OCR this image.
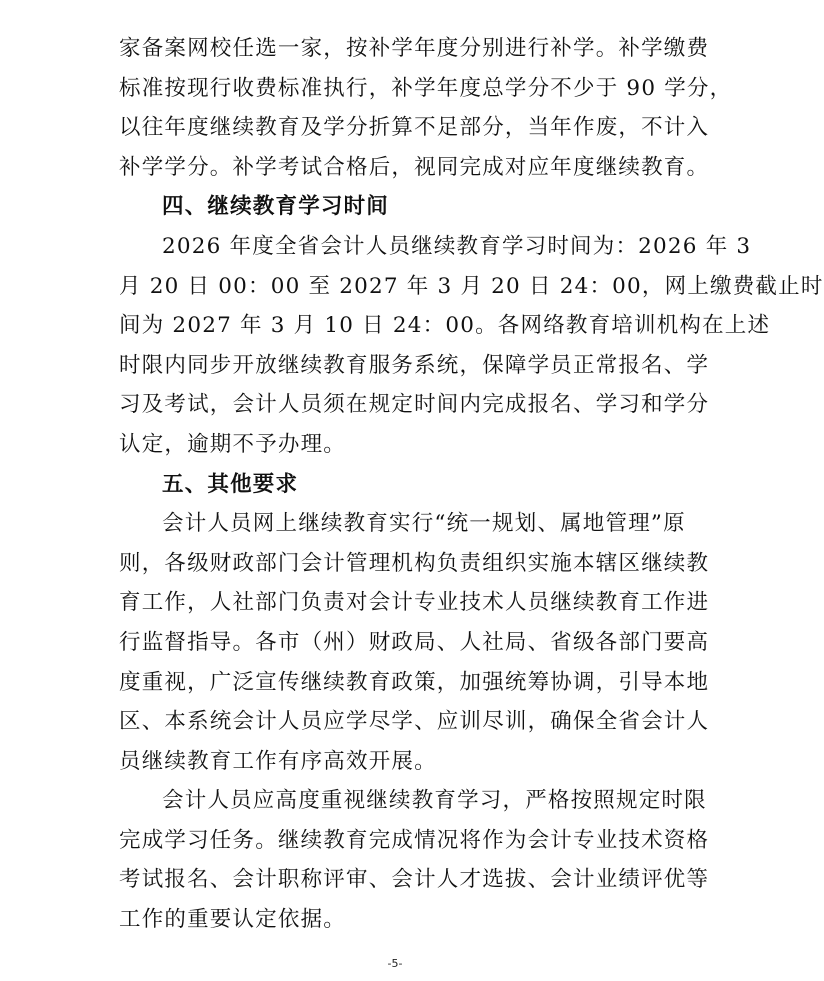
家备案网校任选一家，按补学年度分别进行补学。补学缴费
标准按现行收费标准执行，补学年度总学分不少于 90 学分，
以往年度继续教育及学分折算不足部分，当年作废，不计入
补学学分。补学考试合格后，视同完成对应年度继续教育。
四、继续教育学习时间
2026 年度全省会计人员继续教育学习时间为：2026 年 3
月 20 日 00：00 至 2027 年 3 月 20 日 24：00，网上缴费截止时
间为 2027 年 3 月 10 日 24：00。各网络教育培训机构在上述
时限内同步开放继续教育服务系统，保障学员正常报名、学
习及考试，会计人员须在规定时间内完成报名、学习和学分
认定，逾期不予办理。
五、其他要求
会计人员网上继续教育实行“统一规划、属地管理”原
则，各级财政部门会计管理机构负责组织实施本辖区继续教
育工作，人社部门负责对会计专业技术人员继续教育工作进
行监督指导。各市（州）财政局、人社局、省级各部门要高
度重视，广泛宣传继续教育政策，加强统筹协调，引导本地
区、本系统会计人员应学尽学、应训尽训，确保全省会计人
员继续教育工作有序高效开展。
会计人员应高度重视继续教育学习，严格按照规定时限
完成学习任务。继续教育完成情况将作为会计专业技术资格
考试报名、会计职称评审、会计人才选拔、会计业绩评优等
工作的重要认定依据。
-5-
